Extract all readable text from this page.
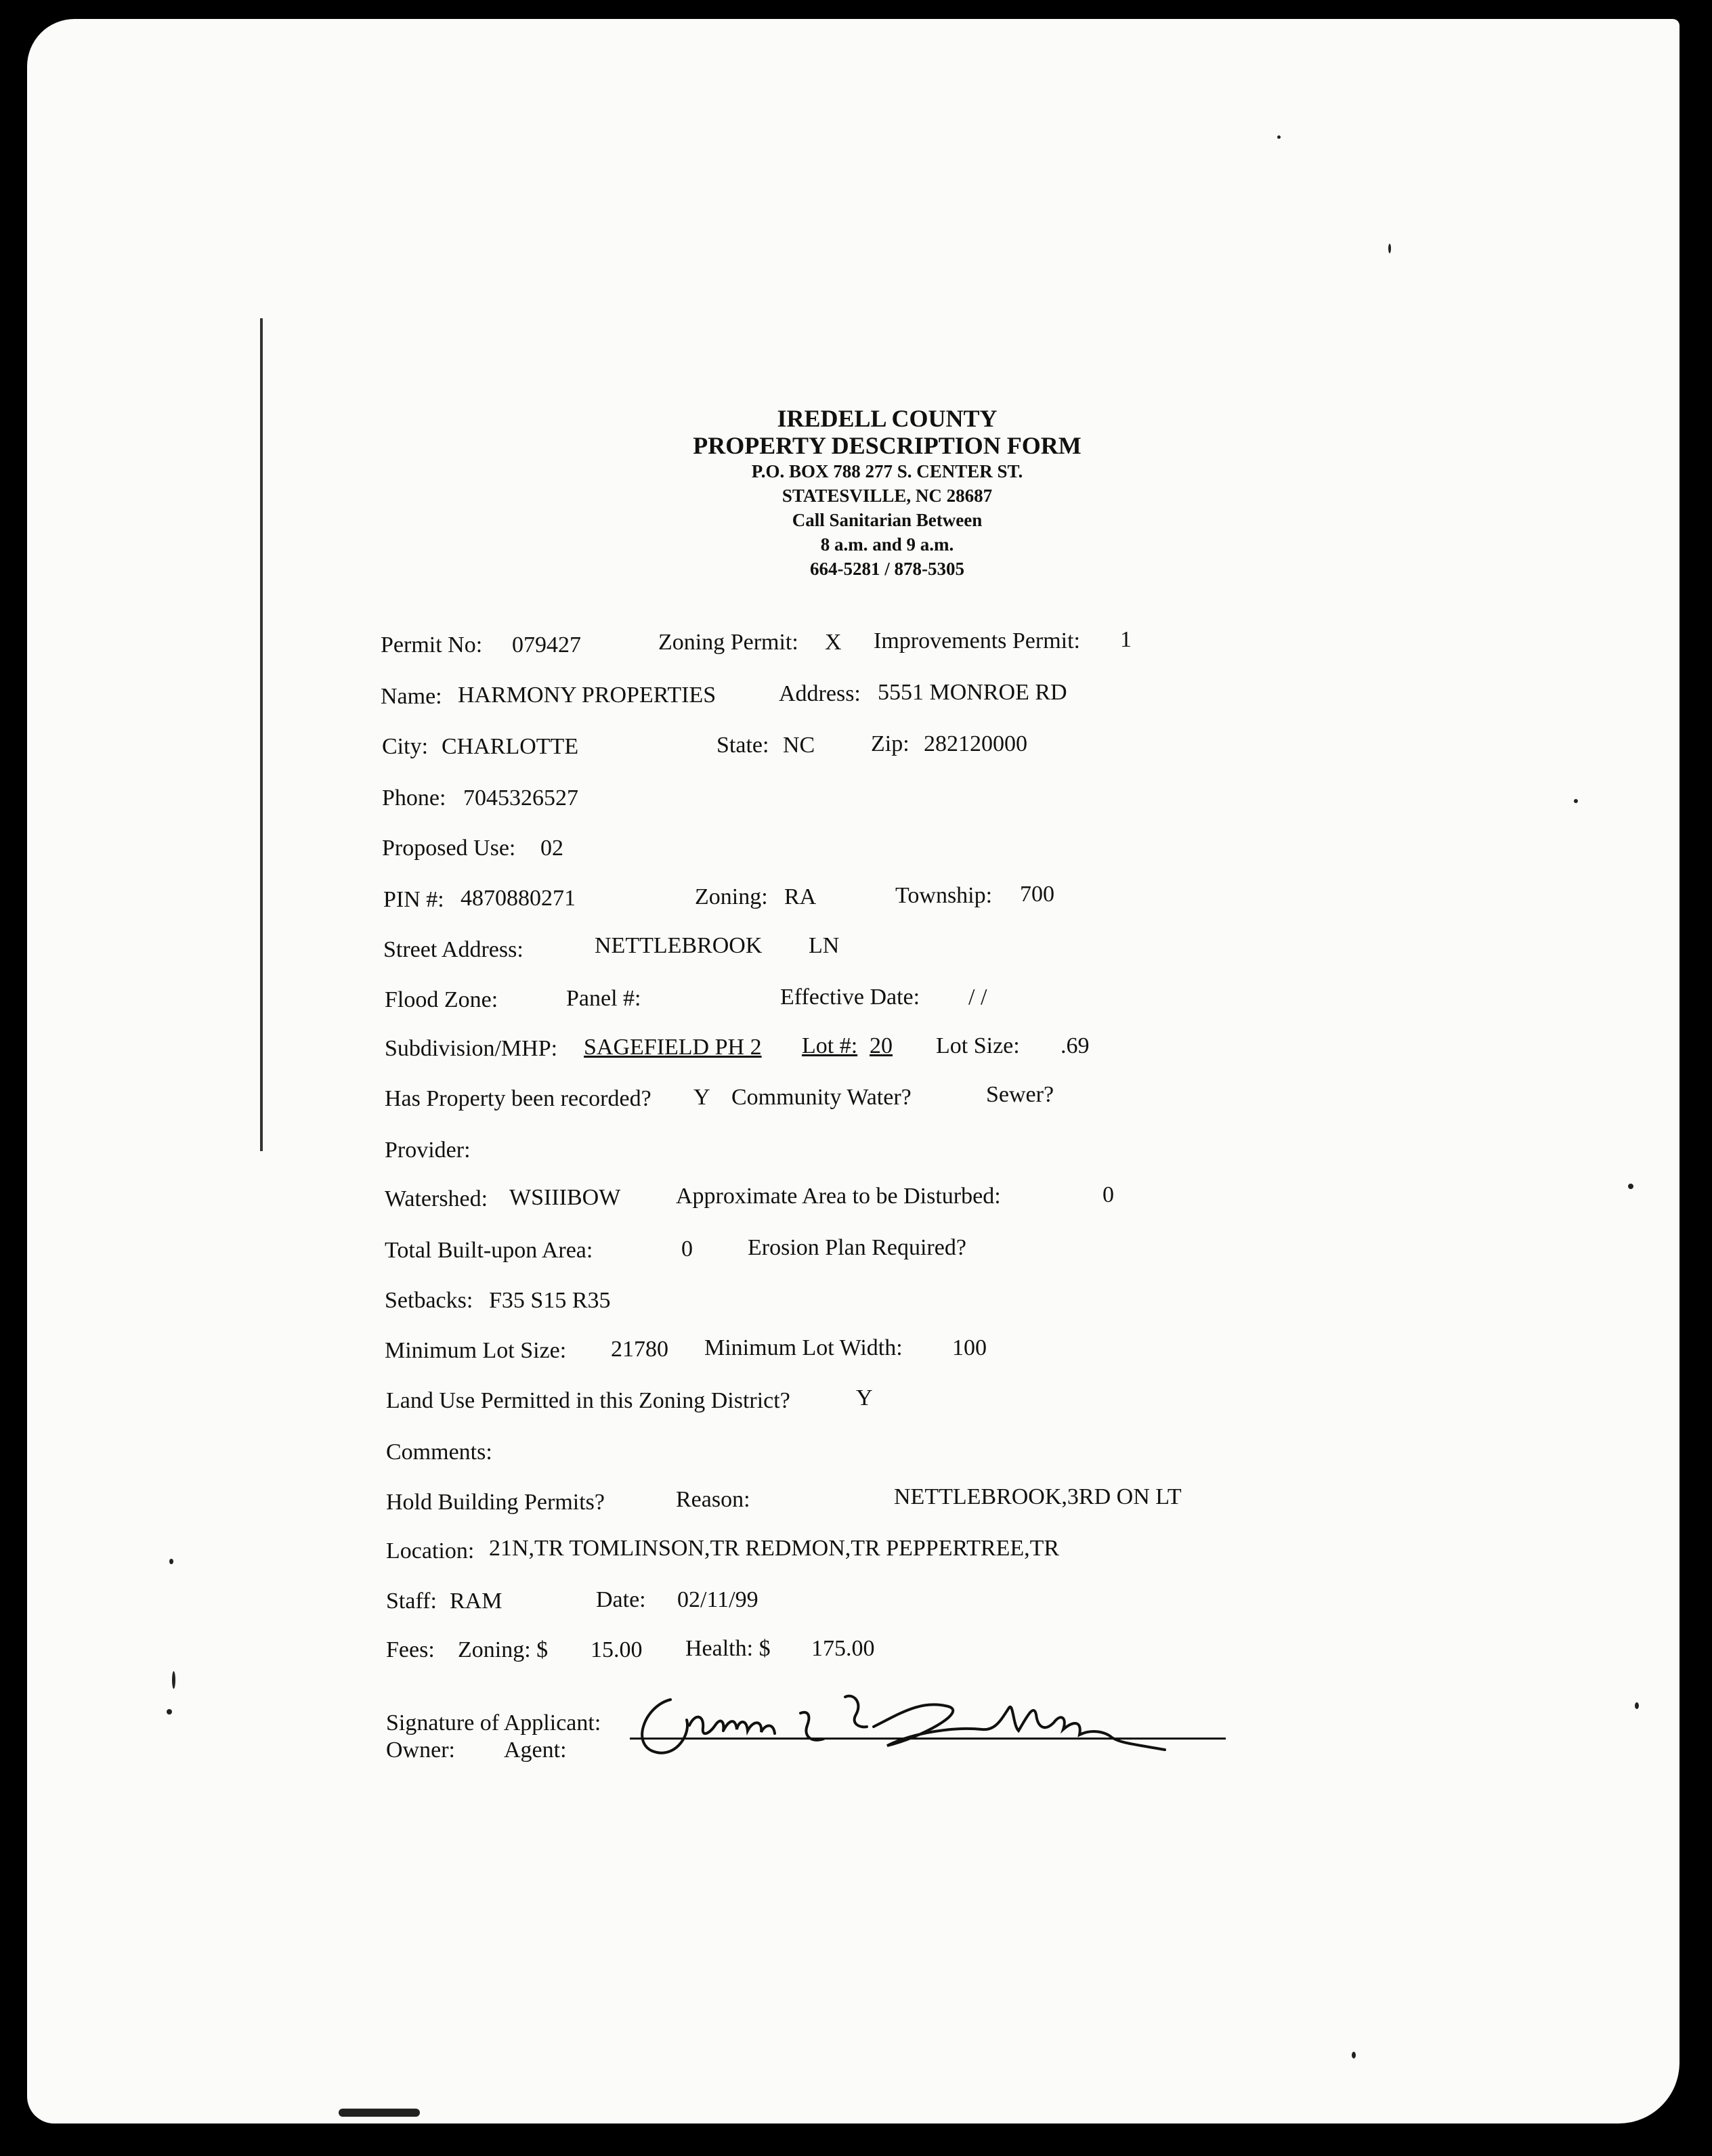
IREDELL COUNTY
PROPERTY DESCRIPTION FORM
P.O. BOX 788 277 S. CENTER ST.
STATESVILLE, NC 28687
Call Sanitarian Between
8 a.m. and 9 a.m.
664-5281 / 878-5305
Permit No: 079427	Zoning Permit: X Improvements Permit: 1
Name: HARMONY PROPERTIES	Address: 5551 MONROE RD
City: CHARLOTTE	State: NC Zip: 282120000
Phone: 7045326527
Proposed Use: 02
PIN #: 4870880271	Zoning: RA	Township: 700
Street Address:	NETTLEBROOK LN
Flood Zone:	Panel #:	Effective Date: / /
Subdivision/MHP: SAGEFIELD PH 2 Lot #: 20 Lot Size: .69
Has Property been recorded? Y Community Water?	Sewer?
Provider:
Watershed: WSIIIBOW Approximate Area to be Disturbed:	0
Total Built-upon Area:	0 Erosion Plan Required?
Setbacks: F35 S15 R35
Minimum Lot Size: 21780 Minimum Lot Width: 100
Land Use Permitted in this Zoning District?	Y
Comments:
Hold Building Permits?	Reason:	NETTLEBROOK,3RD ON LT
Location: 21N,TR TOMLINSON,TR REDMON,TR PEPPERTREE,TR
Staff: RAM	Date: 02/11/99
Fees: Zoning: $ 15.00 Health: $ 175.00
Signature of Applicant:
Owner: Agent:
